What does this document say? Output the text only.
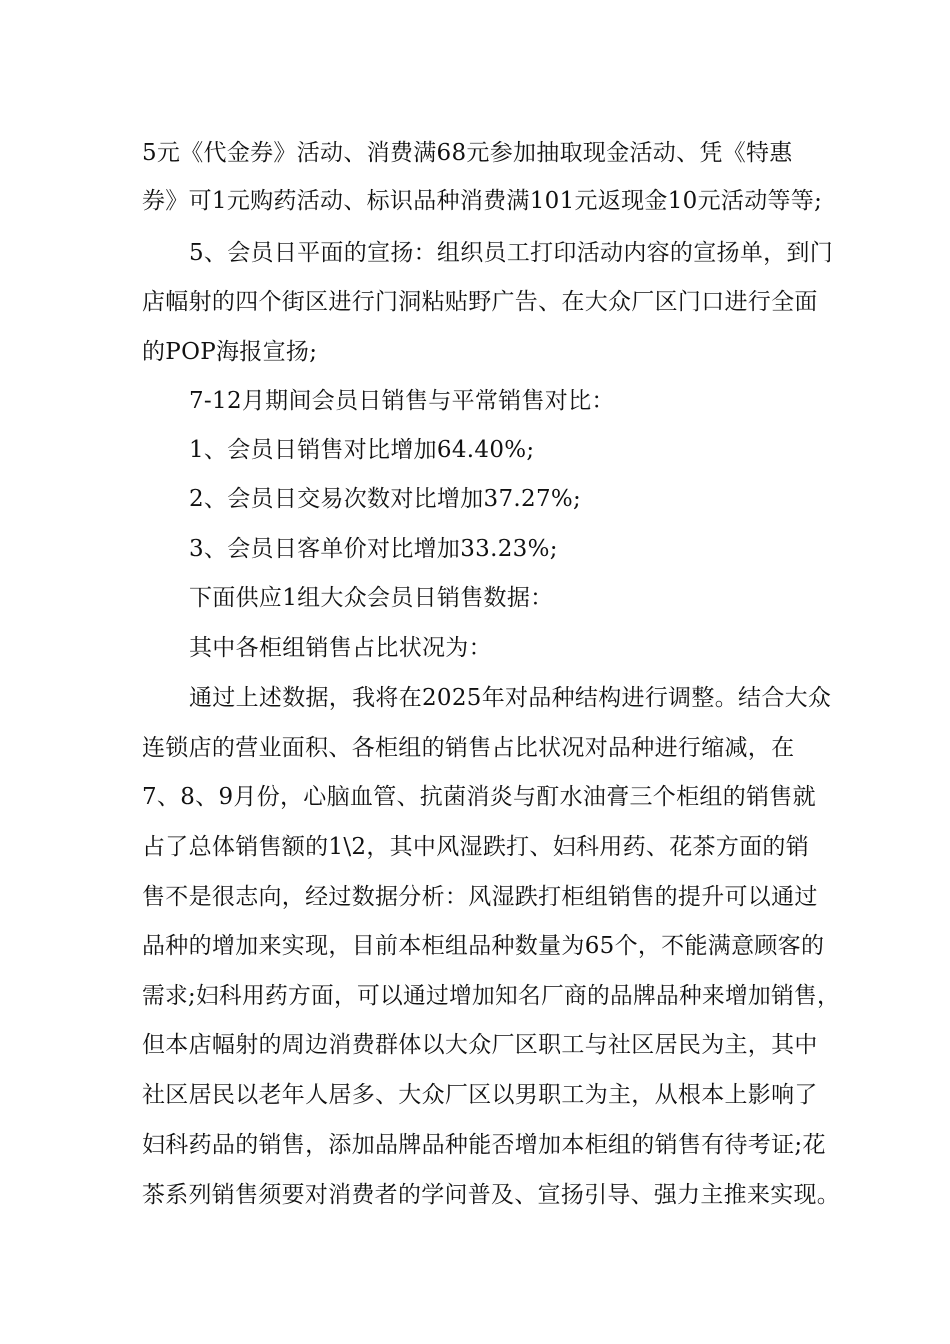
5元《代金券》活动、消费满68元参加抽取现金活动、凭《特惠
券》可1元购药活动、标识品种消费满101元返现金10元活动等等;
5、会员日平面的宣扬：组织员工打印活动内容的宣扬单，到门
店幅射的四个街区进行门洞粘贴野广告、在大众厂区门口进行全面
的POP海报宣扬;
7-12月期间会员日销售与平常销售对比：
1、会员日销售对比增加64.40%;
2、会员日交易次数对比增加37.27%;
3、会员日客单价对比增加33.23%;
下面供应1组大众会员日销售数据：
其中各柜组销售占比状况为：
通过上述数据，我将在2025年对品种结构进行调整。结合大众
连锁店的营业面积、各柜组的销售占比状况对品种进行缩减，在
7、8、9月份，心脑血管、抗菌消炎与酊水油膏三个柜组的销售就
占了总体销售额的1\2，其中风湿跌打、妇科用药、花茶方面的销
售不是很志向，经过数据分析：风湿跌打柜组销售的提升可以通过
品种的增加来实现，目前本柜组品种数量为65个，不能满意顾客的
需求;妇科用药方面，可以通过增加知名厂商的品牌品种来增加销售，
但本店幅射的周边消费群体以大众厂区职工与社区居民为主，其中
社区居民以老年人居多、大众厂区以男职工为主，从根本上影响了
妇科药品的销售，添加品牌品种能否增加本柜组的销售有待考证;花
茶系列销售须要对消费者的学问普及、宣扬引导、强力主推来实现。
